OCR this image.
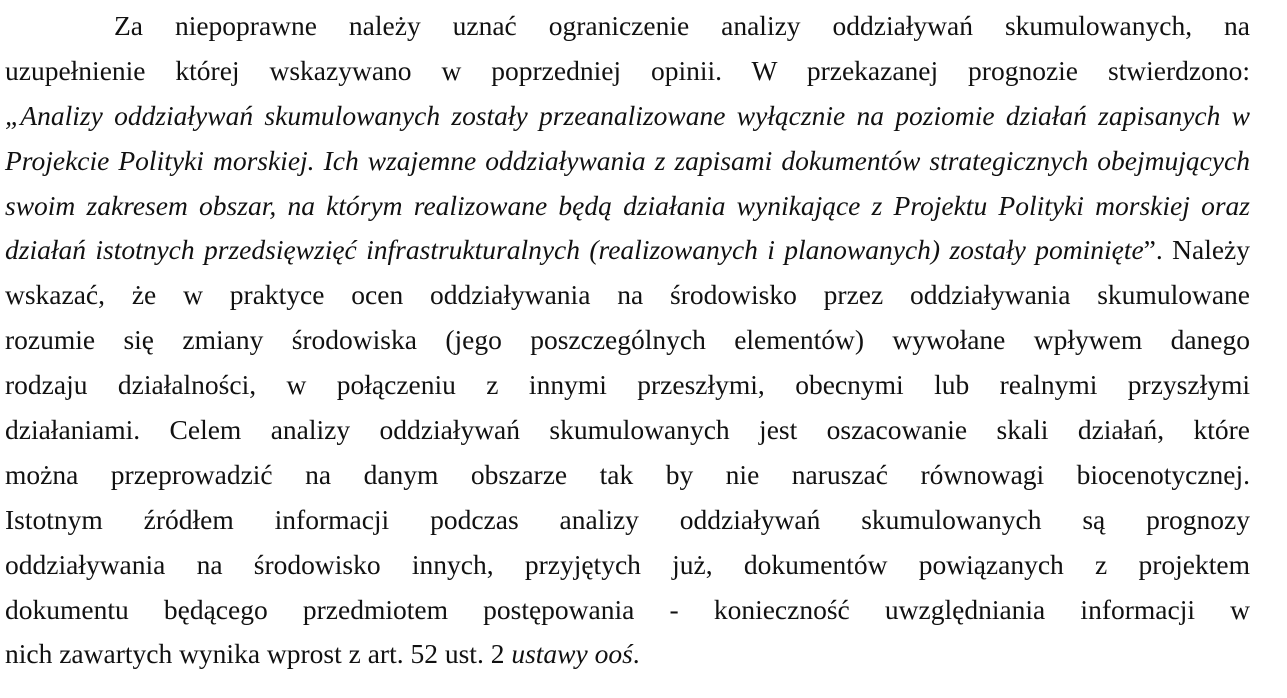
Za niepoprawne należy uznać ograniczenie analizy oddziaływań skumulowanych, na
uzupełnienie której wskazywano w poprzedniej opinii. W przekazanej prognozie stwierdzono:
„Analizy oddziaływań skumulowanych zostały przeanalizowane wyłącznie na poziomie działań zapisanych w
Projekcie Polityki morskiej. Ich wzajemne oddziaływania z zapisami dokumentów strategicznych obejmujących
swoim zakresem obszar, na którym realizowane będą działania wynikające z Projektu Polityki morskiej oraz
działań istotnych przedsięwzięć infrastrukturalnych (realizowanych i planowanych) zostały pominięte”. Należy
wskazać, że w praktyce ocen oddziaływania na środowisko przez oddziaływania skumulowane
rozumie się zmiany środowiska (jego poszczególnych elementów) wywołane wpływem danego
rodzaju działalności, w połączeniu z innymi przeszłymi, obecnymi lub realnymi przyszłymi
działaniami. Celem analizy oddziaływań skumulowanych jest oszacowanie skali działań, które
można przeprowadzić na danym obszarze tak by nie naruszać równowagi biocenotycznej.
Istotnym źródłem informacji podczas analizy oddziaływań skumulowanych są prognozy
oddziaływania na środowisko innych, przyjętych już, dokumentów powiązanych z projektem
dokumentu będącego przedmiotem postępowania - konieczność uwzględniania informacji w
nich zawartych wynika wprost z art. 52 ust. 2 ustawy ooś.
